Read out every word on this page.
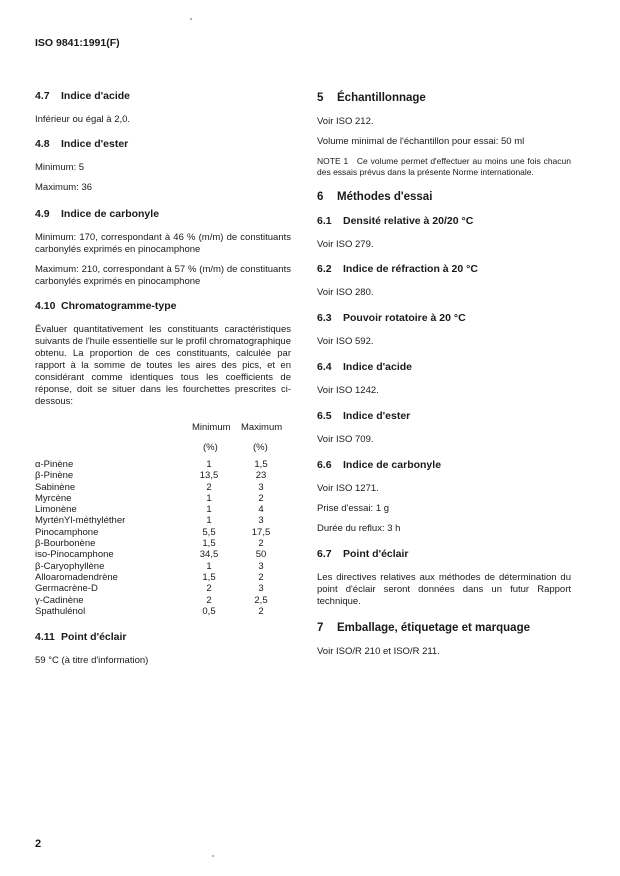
ISO 9841:1991(F)
4.7 Indice d'acide

Inférieur ou égal à 2,0.

4.8 Indice d'ester

Minimum: 5

Maximum: 36

4.9 Indice de carbonyle

Minimum: 170, correspondant à 46 % (m/m) de constituants carbonylés exprimés en pinocamphone

Maximum: 210, correspondant à 57 % (m/m) de constituants carbonylés exprimés en pinocamphone

4.10 Chromatogramme-type

Évaluer quantitativement les constituants caractéristiques suivants de l'huile essentielle sur le profil chromatographique obtenu. La proportion de ces constituants, calculée par rapport à la somme de toutes les aires des pics, et en considérant comme identiques tous les coefficients de réponse, doit se situer dans les fourchettes prescrites ci-dessous:

Minimum Maximum
(%)	(%)
α-Pinène	1	1,5
β-Pinène	13,5	23
Sabinène	2	3
Myrcène	1	2
Limonène	1	4
MyrténYl-méthyléther	1	3
Pinocamphone	5,5	17,5
β-Bourbonène	1,5	2
iso-Pinocamphone	34,5	50
β-Caryophyllène	1	3
Alloaromadendrène	1,5	2
Germacrène-D	2	3
γ-Cadinène	2	2,5
Spathulénol	0,5	2
4.11 Point d'éclair

59 °C (à titre d'information)

5 Échantillonnage

Voir ISO 212.

Volume minimal de l'échantillon pour essai: 50 ml

NOTE 1 Ce volume permet d'effectuer au moins une fois chacun des essais prévus dans la présente Norme internationale.

6 Méthodes d'essai
6.1 Densité relative à 20/20 °C

Voir ISO 279.

6.2 Indice de réfraction à 20 °C

Voir ISO 280.

6.3 Pouvoir rotatoire à 20 °C

Voir ISO 592.

6.4 Indice d'acide

Voir ISO 1242.

6.5 Indice d'ester

Voir ISO 709.

6.6 Indice de carbonyle

Voir ISO 1271.

Prise d'essai: 1 g

Durée du reflux: 3 h

6.7 Point d'éclair

Les directives relatives aux méthodes de détermination du point d'éclair seront données dans un futur Rapport technique.

7 Emballage, étiquetage et marquage

Voir ISO/R 210 et ISO/R 211.

2
